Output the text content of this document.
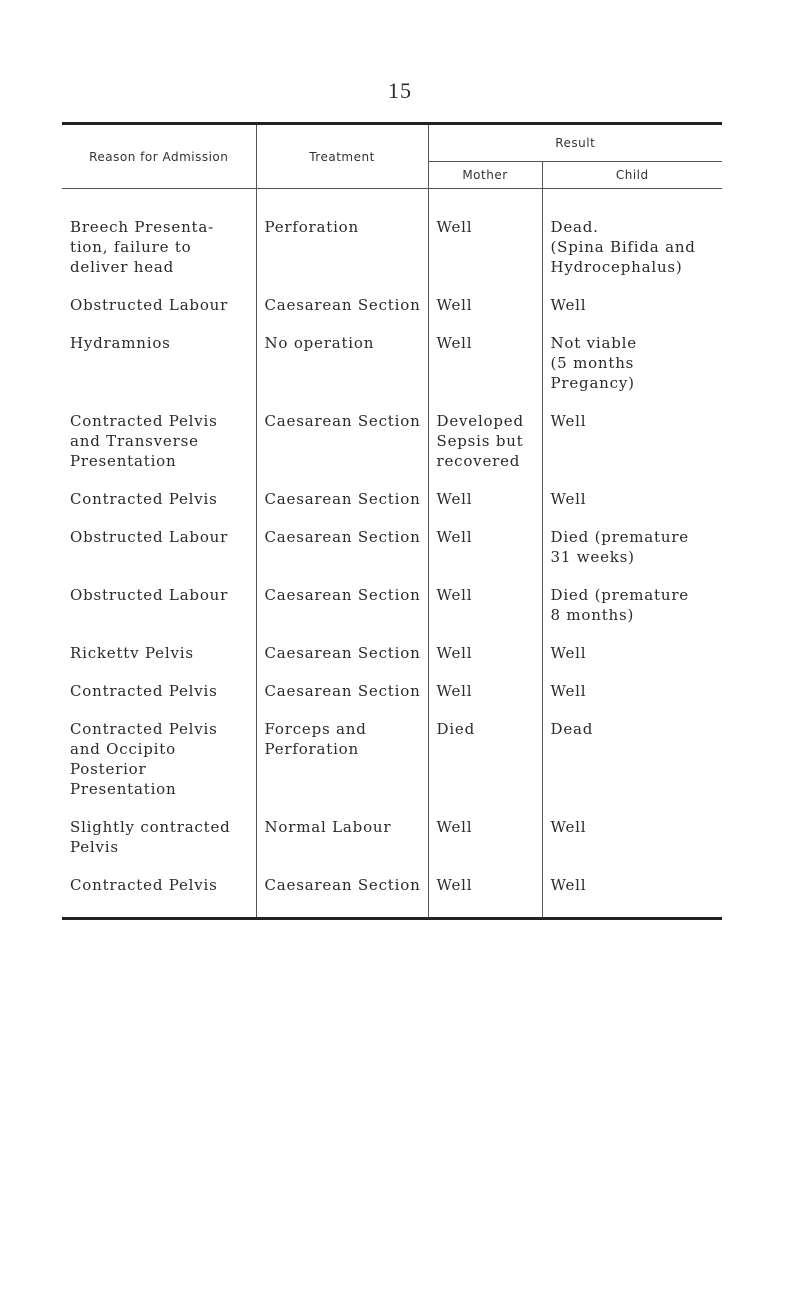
15
Reason for Admission	Treatment	Result	
		Mother	Child

Breech Presenta-
tion, failure to
deliver head	Perforation	Well	Dead.
(Spina Bifida and
Hydrocephalus)

Obstructed Labour	Caesarean Section	Well	Well

Hydramnios	No operation	Well	Not viable
(5 months
Pregancy)

Contracted Pelvis
and Transverse
Presentation	Caesarean Section	Developed
Sepsis but
recovered	Well

Contracted Pelvis	Caesarean Section	Well	Well

Obstructed Labour	Caesarean Section	Well	Died (premature
31 weeks)

Obstructed Labour	Caesarean Section	Well	Died (premature
8 months)

Rickettv Pelvis	Caesarean Section	Well	Well

Contracted Pelvis	Caesarean Section	Well	Well

Contracted Pelvis
and Occipito
Posterior
Presentation	Forceps and
Perforation	Died	Dead

Slightly contracted
Pelvis	Normal Labour	Well	Well

Contracted Pelvis	Caesarean Section	Well	Well
